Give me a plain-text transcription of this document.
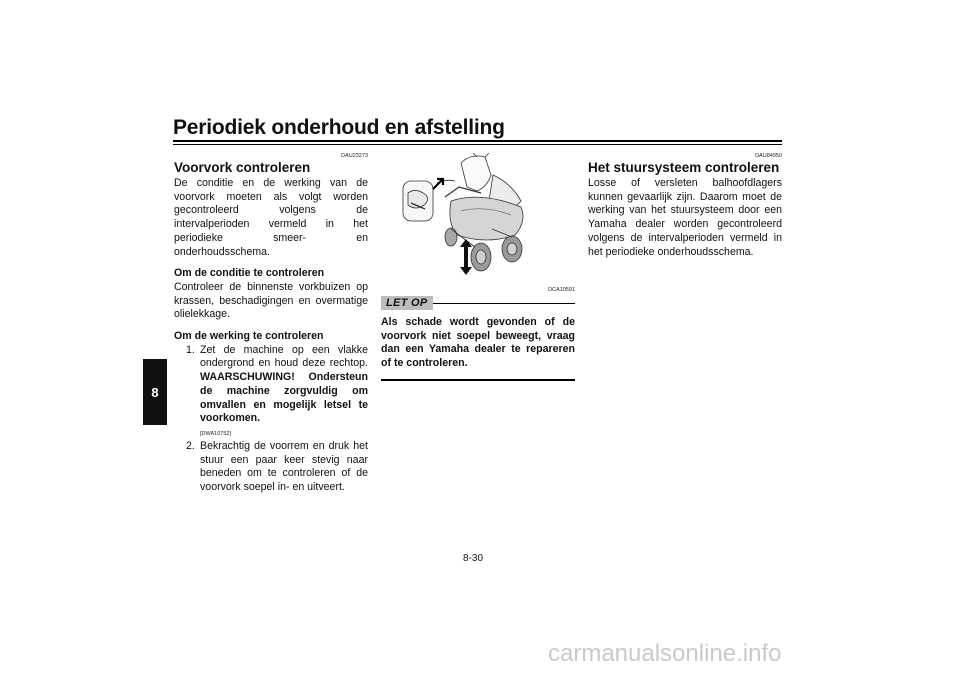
Periodiek onderhoud en afstelling
8
DAU23273
Voorvork controleren

De conditie en de werking van de voorvork moeten als volgt worden gecontroleerd volgens de intervalperioden vermeld in het periodieke smeer- en onderhoudsschema.

Om de conditie te controleren

Controleer de binnenste vorkbuizen op krassen, beschadigingen en overmatige olielekkage.

Om de werking te controleren
1. Zet de machine op een vlakke ondergrond en houd deze rechtop. WAARSCHUWING! Ondersteun de machine zorgvuldig om omvallen en mogelijk letsel te voorkomen.
[DWA10752]
2. Bekrachtig de voorrem en druk het stuur een paar keer stevig naar beneden om te controleren of de voorvork soepel in- en uitveert.
DCA10591
LET OP
Als schade wordt gevonden of de voorvork niet soepel beweegt, vraag dan een Yamaha dealer te repareren of te controleren.
DAU84950
Het stuursysteem controleren

Losse of versleten balhoofdlagers kunnen gevaarlijk zijn. Daarom moet de werking van het stuursysteem door een Yamaha dealer worden gecontroleerd volgens de intervalperioden vermeld in het periodieke onderhoudsschema.

8-30
carmanualsonline.info
